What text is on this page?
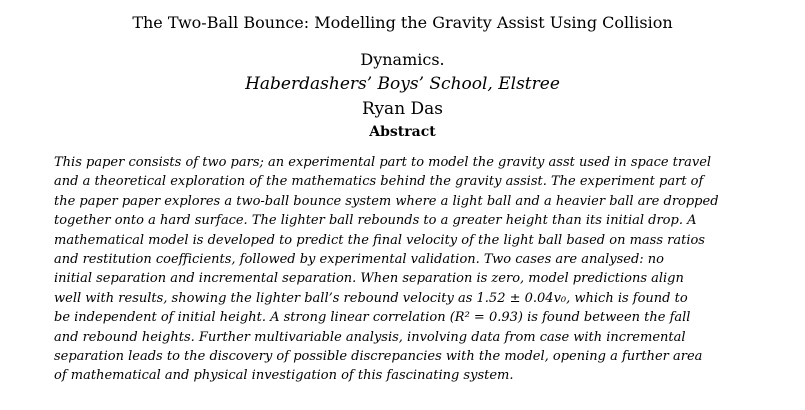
The Two-Ball Bounce: Modelling the Gravity Assist Using Collision
Dynamics.
Haberdashers’ Boys’ School, Elstree
Ryan Das
Abstract
This paper consists of two pars; an experimental part to model the gravity asst used in space travel
and a theoretical exploration of the mathematics behind the gravity assist. The experiment part of
the paper paper explores a two-ball bounce system where a light ball and a heavier ball are dropped
together onto a hard surface. The lighter ball rebounds to a greater height than its initial drop. A
mathematical model is developed to predict the final velocity of the light ball based on mass ratios
and restitution coefficients, followed by experimental validation. Two cases are analysed: no
initial separation and incremental separation. When separation is zero, model predictions align
well with results, showing the lighter ball’s rebound velocity as 1.52 ± 0.04v₀, which is found to
be independent of initial height. A strong linear correlation (R² = 0.93) is found between the fall
and rebound heights. Further multivariable analysis, involving data from case with incremental
separation leads to the discovery of possible discrepancies with the model, opening a further area
of mathematical and physical investigation of this fascinating system.
